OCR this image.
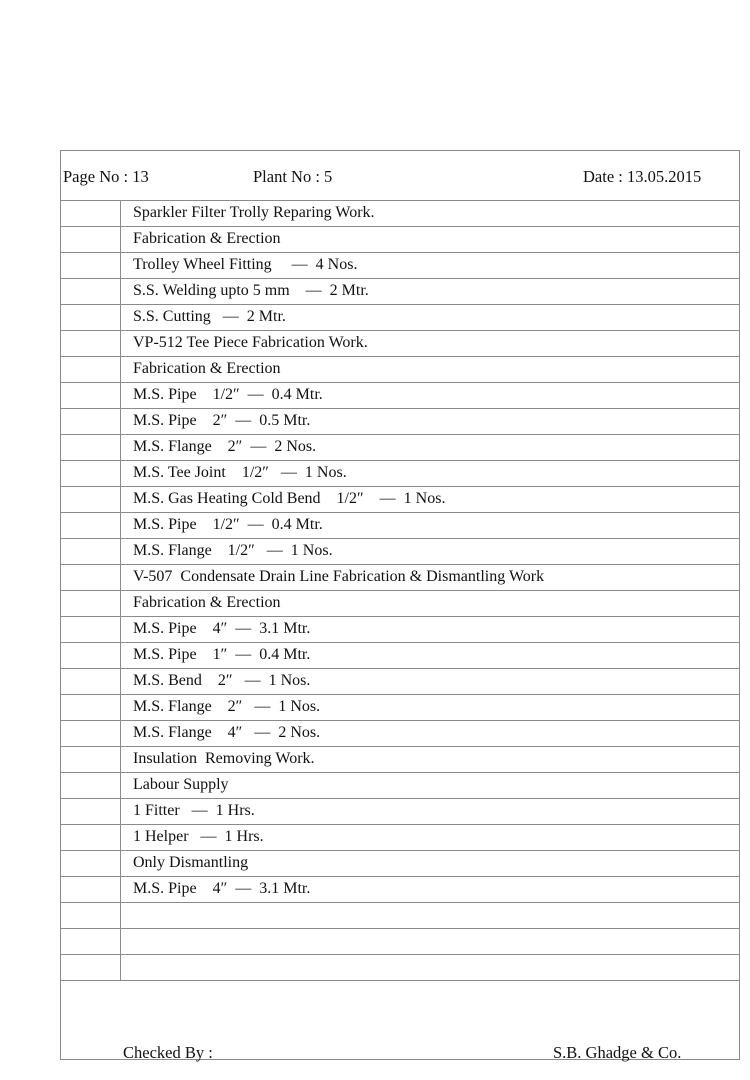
Page No : 13	Plant No : 5	Date : 13.05.2015
Sparkler Filter Trolly Reparing Work.
Fabrication & Erection
Trolley Wheel Fitting     —  4 Nos.
S.S. Welding upto 5 mm    —  2 Mtr.
S.S. Cutting   —  2 Mtr.
VP-512 Tee Piece Fabrication Work.
Fabrication & Erection
M.S. Pipe    1/2″  —  0.4 Mtr.
M.S. Pipe    2″  —  0.5 Mtr.
M.S. Flange    2″  —  2 Nos.
M.S. Tee Joint    1/2″   —  1 Nos.
M.S. Gas Heating Cold Bend    1/2″    —  1 Nos.
M.S. Pipe    1/2″  —  0.4 Mtr.
M.S. Flange    1/2″   —  1 Nos.
V-507  Condensate Drain Line Fabrication & Dismantling Work
Fabrication & Erection
M.S. Pipe    4″  —  3.1 Mtr.
M.S. Pipe    1″  —  0.4 Mtr.
M.S. Bend    2″   —  1 Nos.
M.S. Flange    2″   —  1 Nos.
M.S. Flange    4″   —  2 Nos.
Insulation  Removing Work.
Labour Supply
1 Fitter   —  1 Hrs.
1 Helper   —  1 Hrs.
Only Dismantling
M.S. Pipe    4″  —  3.1 Mtr.
Checked By :	S.B. Ghadge & Co.
